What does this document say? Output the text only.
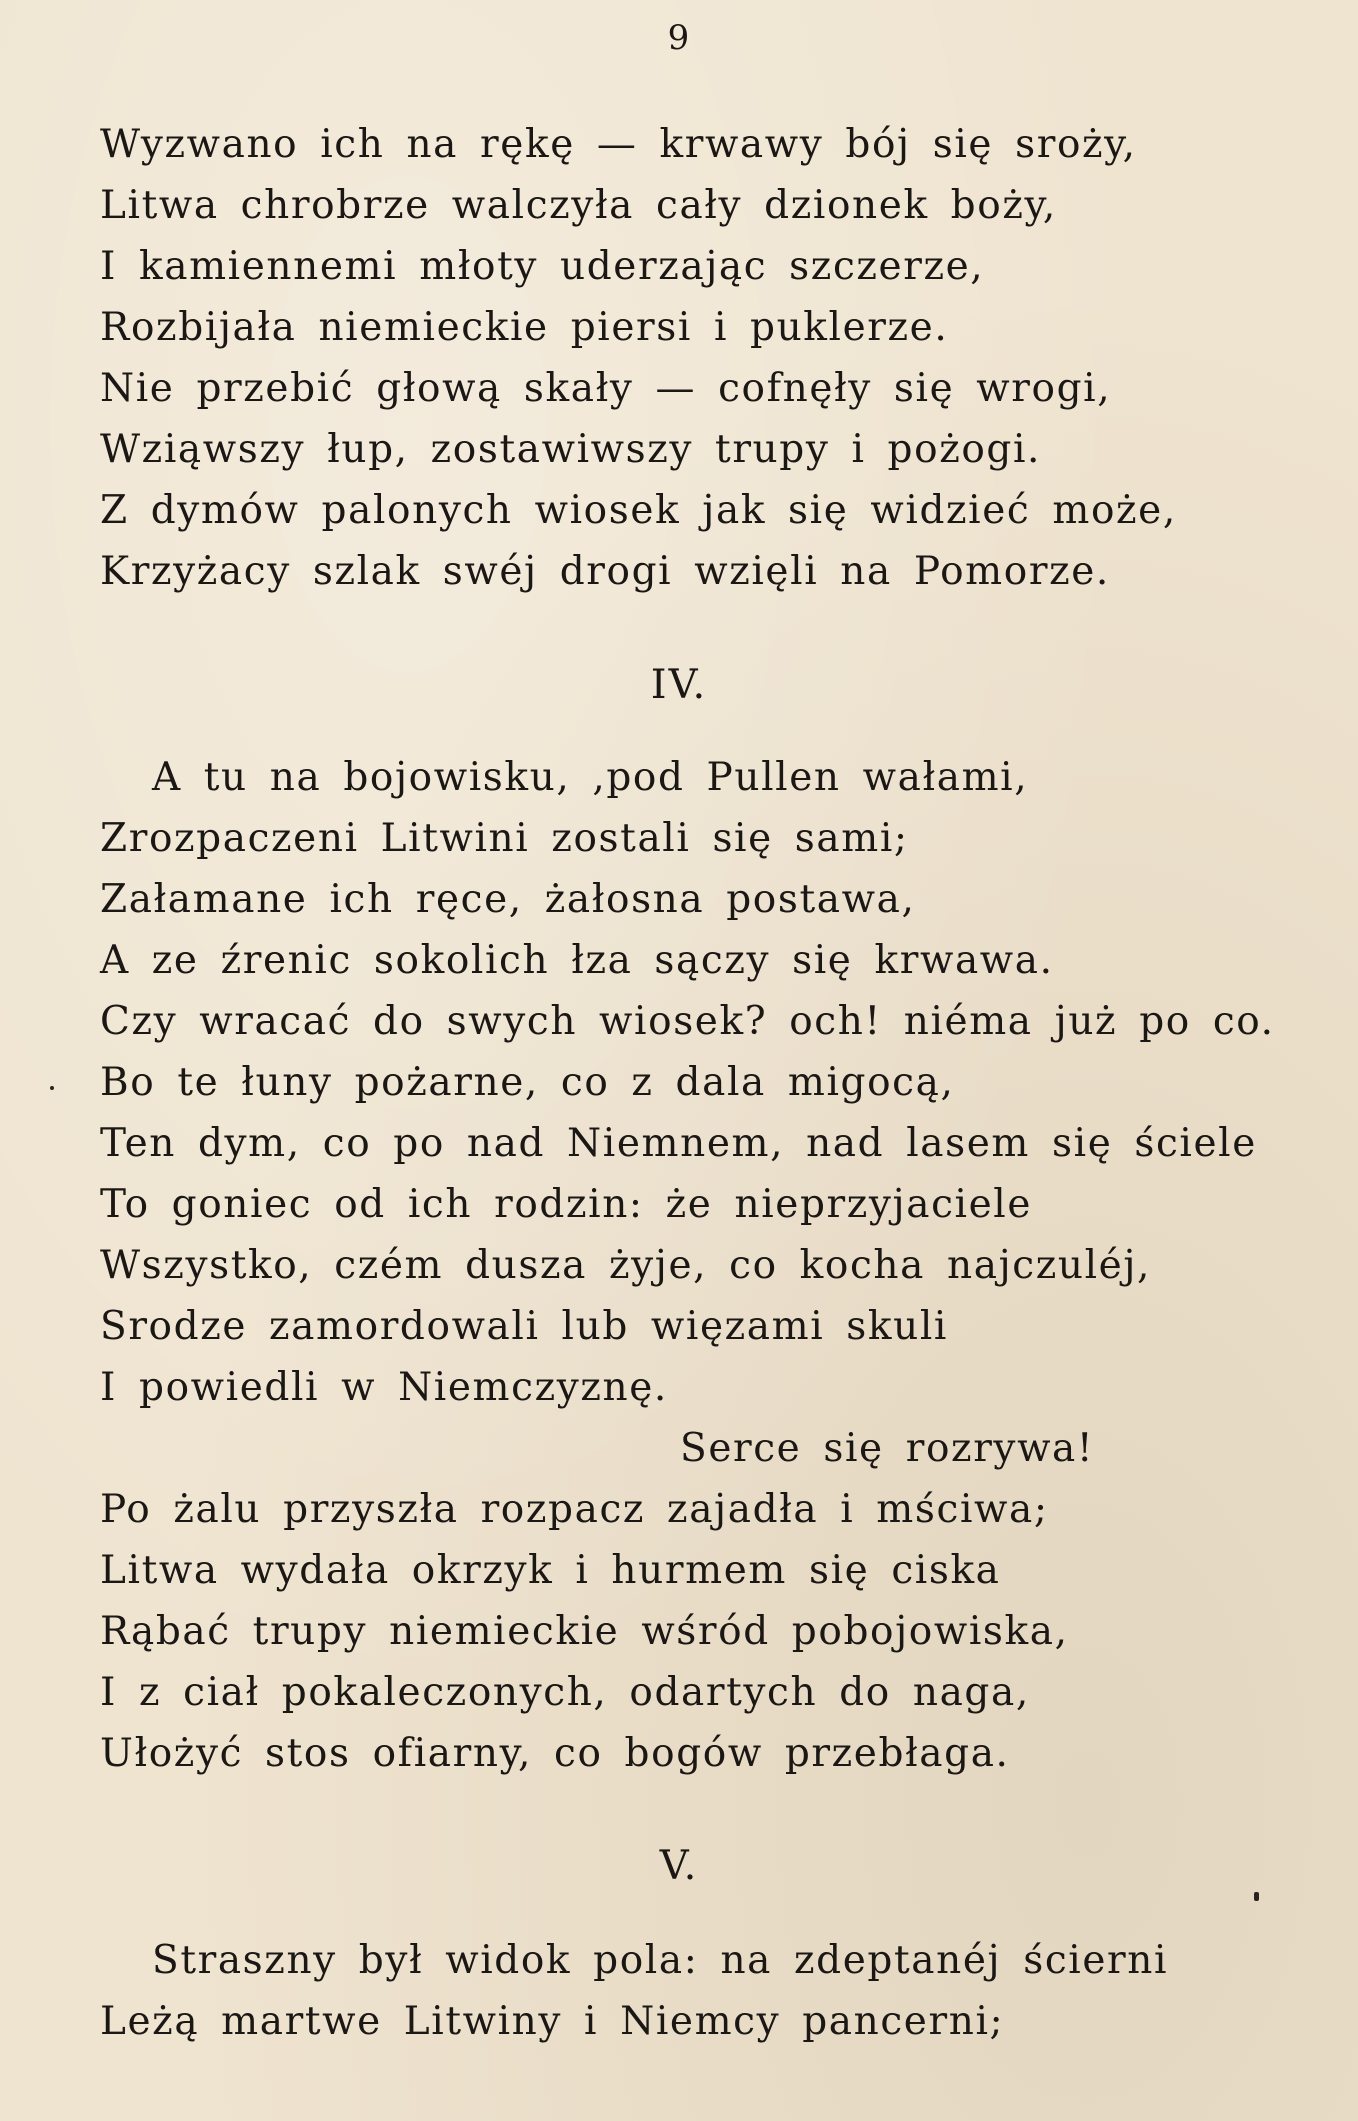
9
Wyzwano ich na rękę — krwawy bój się sroży,
Litwa chrobrze walczyła cały dzionek boży,
I kamiennemi młoty uderzając szczerze,
Rozbijała niemieckie piersi i puklerze.
Nie przebić głową skały — cofnęły się wrogi,
Wziąwszy łup, zostawiwszy trupy i pożogi.
Z dymów palonych wiosek jak się widzieć może,
Krzyżacy szlak swéj drogi wzięli na Pomorze.
IV.
A tu na bojowisku, ,pod Pullen wałami,
Zrozpaczeni Litwini zostali się sami;
Załamane ich ręce, żałosna postawa,
A ze źrenic sokolich łza sączy się krwawa.
Czy wracać do swych wiosek? och! niéma już po co.
Bo te łuny pożarne, co z dala migocą,
Ten dym, co po nad Niemnem, nad lasem się ściele
To goniec od ich rodzin: że nieprzyjaciele
Wszystko, czém dusza żyje, co kocha najczuléj,
Srodze zamordowali lub więzami skuli
I powiedli w Niemczyznę.
Serce się rozrywa!
Po żalu przyszła rozpacz zajadła i mściwa;
Litwa wydała okrzyk i hurmem się ciska
Rąbać trupy niemieckie wśród pobojowiska,
I z ciał pokaleczonych, odartych do naga,
Ułożyć stos ofiarny, co bogów przebłaga.
V.
Straszny był widok pola: na zdeptanéj ścierni
Leżą martwe Litwiny i Niemcy pancerni;
